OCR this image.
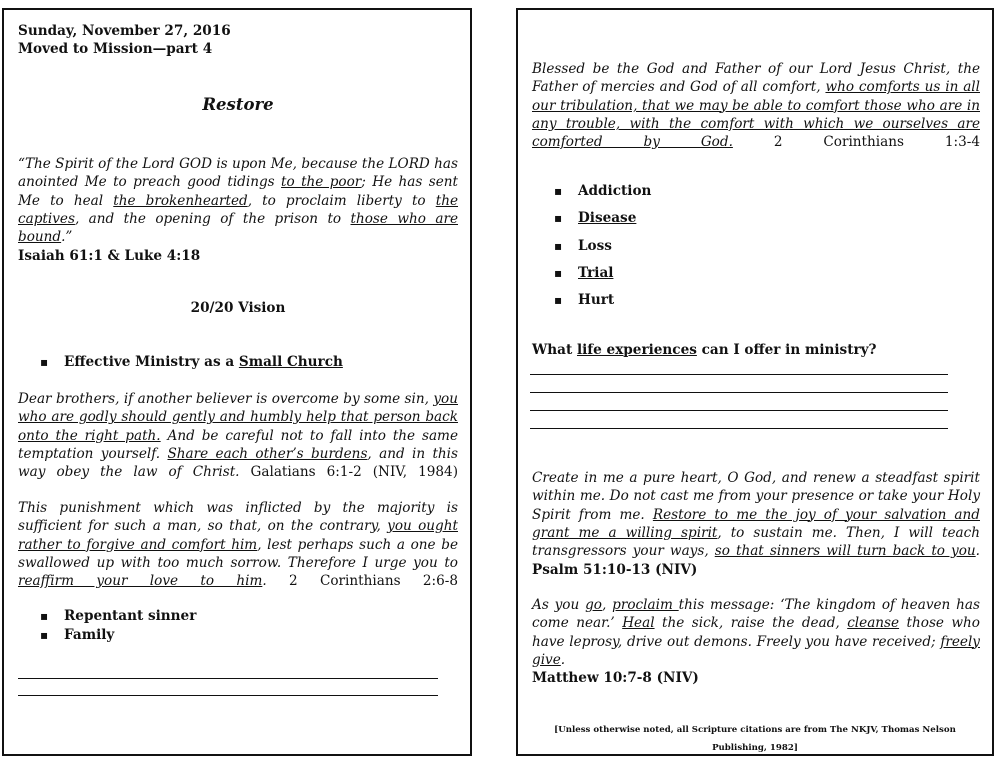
Sunday, November 27, 2016
Moved to Mission—part 4
Restore
“The Spirit of the Lord GOD is upon Me, because the LORD has anointed Me to preach good tidings to the poor; He has sent Me to heal the brokenhearted, to proclaim liberty to the captives, and the opening of the prison to those who are bound.”
Isaiah 61:1 & Luke 4:18
20/20 Vision
▪ Effective Ministry as a Small Church
Dear brothers, if another believer is overcome by some sin, you who are godly should gently and humbly help that person back onto the right path. And be careful not to fall into the same temptation yourself. Share each other’s burdens, and in this way obey the law of Christ. Galatians 6:1-2 (NIV, 1984)
This punishment which was inflicted by the majority is sufficient for such a man, so that, on the contrary, you ought rather to forgive and comfort him, lest perhaps such a one be swallowed up with too much sorrow. Therefore I urge you to reaffirm your love to him. 2 Corinthians 2:6-8
▪ Repentant sinner
▪ Family
Blessed be the God and Father of our Lord Jesus Christ, the Father of mercies and God of all comfort, who comforts us in all our tribulation, that we may be able to comfort those who are in any trouble, with the comfort with which we ourselves are comforted by God.	2 Corinthians 1:3-4
▪ Addiction
▪ Disease
▪ Loss
▪ Trial
▪ Hurt
What life experiences can I offer in ministry?
Create in me a pure heart, O God, and renew a steadfast spirit within me. Do not cast me from your presence or take your Holy Spirit from me. Restore to me the joy of your salvation and grant me a willing spirit, to sustain me. Then, I will teach transgressors your ways, so that sinners will turn back to you.
Psalm 51:10-13 (NIV)
As you go, proclaim this message: ‘The kingdom of heaven has come near.’ Heal the sick, raise the dead, cleanse those who have leprosy, drive out demons. Freely you have received; freely give.
Matthew 10:7-8 (NIV)
[Unless otherwise noted, all Scripture citations are from The NKJV, Thomas Nelson Publishing, 1982]
